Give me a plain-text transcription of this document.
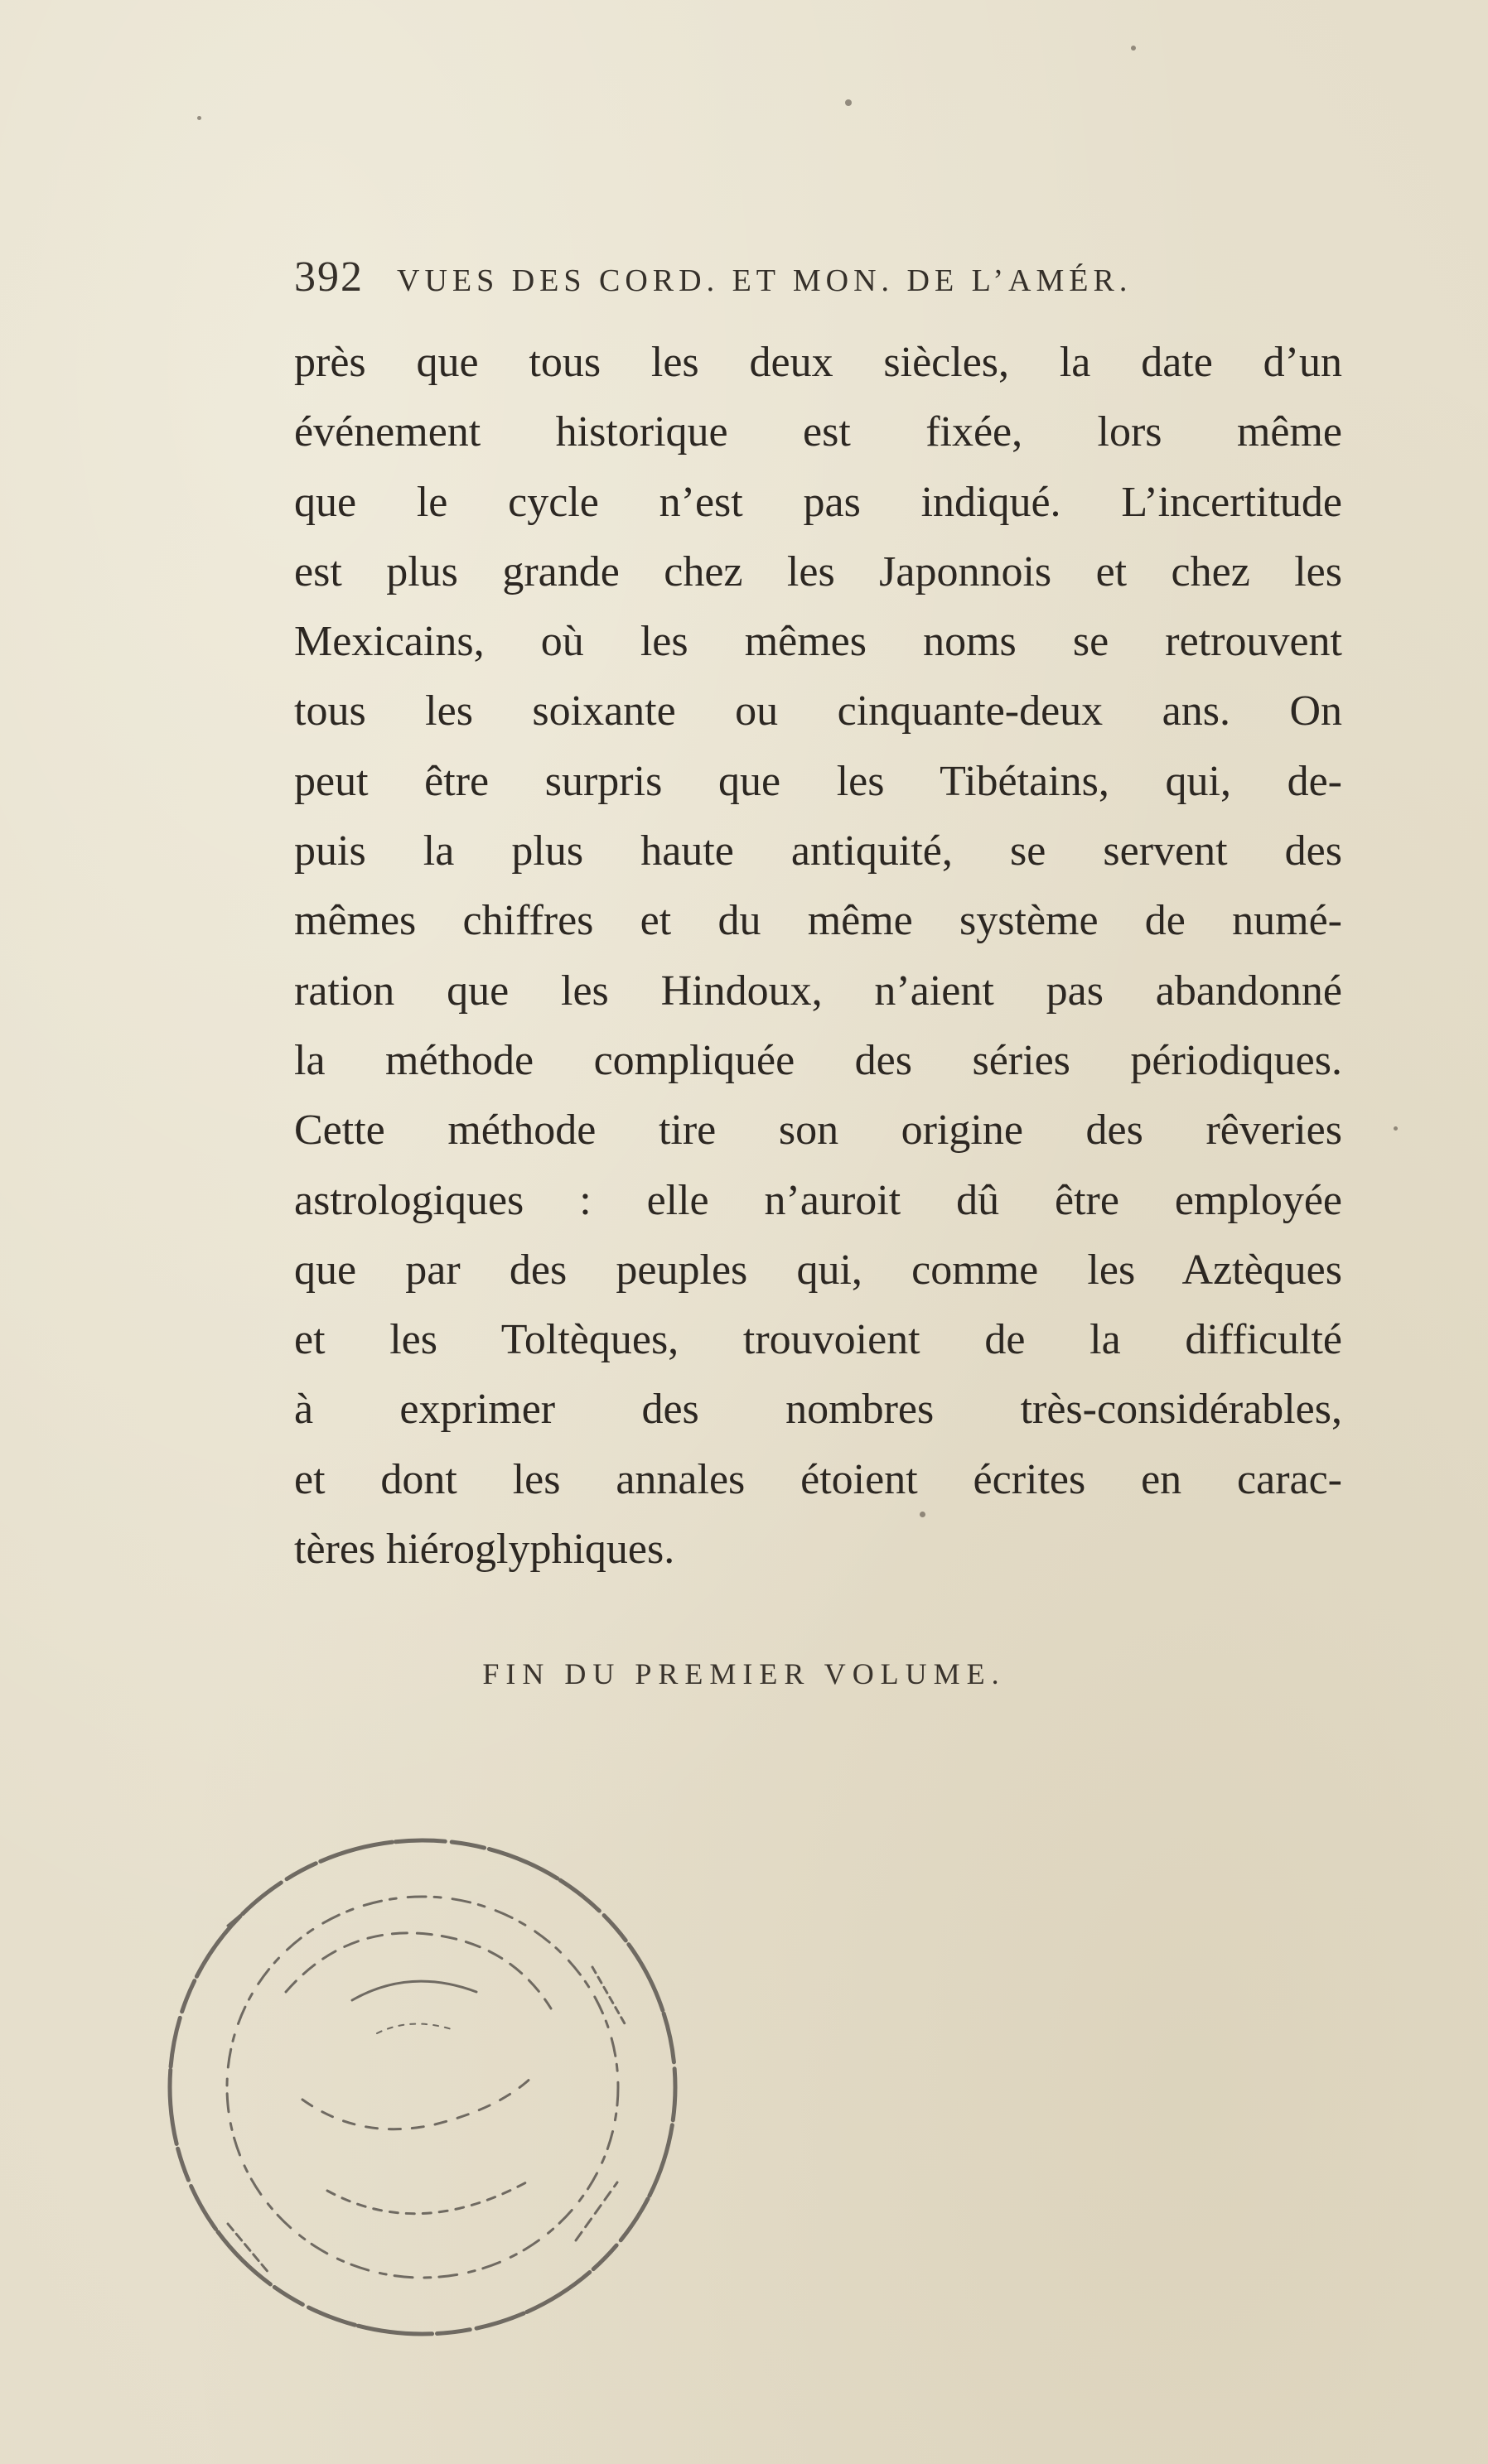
392 VUES DES CORD. ET MON. DE L’AMÉR.
près que tous les deux siècles, la date d’un
événement historique est fixée, lors même
que le cycle n’est pas indiqué. L’incertitude
est plus grande chez les Japonnois et chez les
Mexicains, où les mêmes noms se retrouvent
tous les soixante ou cinquante-deux ans. On
peut être surpris que les Tibétains, qui, de-
puis la plus haute antiquité, se servent des
mêmes chiffres et du même système de numé-
ration que les Hindoux, n’aient pas abandonné
la méthode compliquée des séries périodiques.
Cette méthode tire son origine des rêveries
astrologiques : elle n’auroit dû être employée
que par des peuples qui, comme les Aztèques
et les Toltèques, trouvoient de la difficulté
à exprimer des nombres très-considérables,
et dont les annales étoient écrites en carac-
tères hiéroglyphiques.
FIN DU PREMIER VOLUME.
